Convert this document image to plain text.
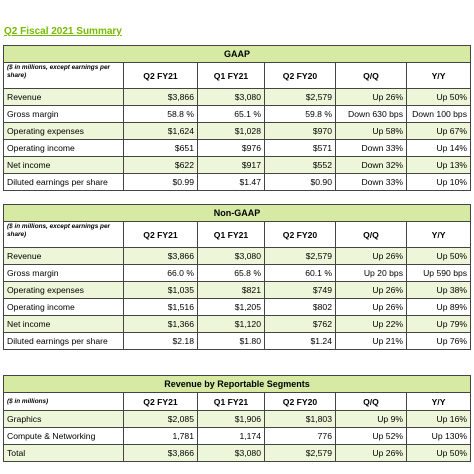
Q2 Fiscal 2021 Summary
GAAP					
($ in millions, except earnings per share)	Q2 FY21	Q1 FY21	Q2 FY20	Q/Q	Y/Y
Revenue	$3,866	$3,080	$2,579	Up 26%	Up 50%
Gross margin	58.8 %	65.1 %	59.8 %	Down 630 bps	Down 100 bps
Operating expenses	$1,624	$1,028	$970	Up 58%	Up 67%
Operating income	$651	$976	$571	Down 33%	Up 14%
Net income	$622	$917	$552	Down 32%	Up 13%
Diluted earnings per share	$0.99	$1.47	$0.90	Down 33%	Up 10%
Non-GAAP					
($ in millions, except earnings per share)	Q2 FY21	Q1 FY21	Q2 FY20	Q/Q	Y/Y
Revenue	$3,866	$3,080	$2,579	Up 26%	Up 50%
Gross margin	66.0 %	65.8 %	60.1 %	Up 20 bps	Up 590 bps
Operating expenses	$1,035	$821	$749	Up 26%	Up 38%
Operating income	$1,516	$1,205	$802	Up 26%	Up 89%
Net income	$1,366	$1,120	$762	Up 22%	Up 79%
Diluted earnings per share	$2.18	$1.80	$1.24	Up 21%	Up 76%
Revenue by Reportable Segments					
($ in millions)	Q2 FY21	Q1 FY21	Q2 FY20	Q/Q	Y/Y
Graphics	$2,085	$1,906	$1,803	Up 9%	Up 16%
Compute & Networking	1,781	1,174	776	Up 52%	Up 130%
Total	$3,866	$3,080	$2,579	Up 26%	Up 50%
